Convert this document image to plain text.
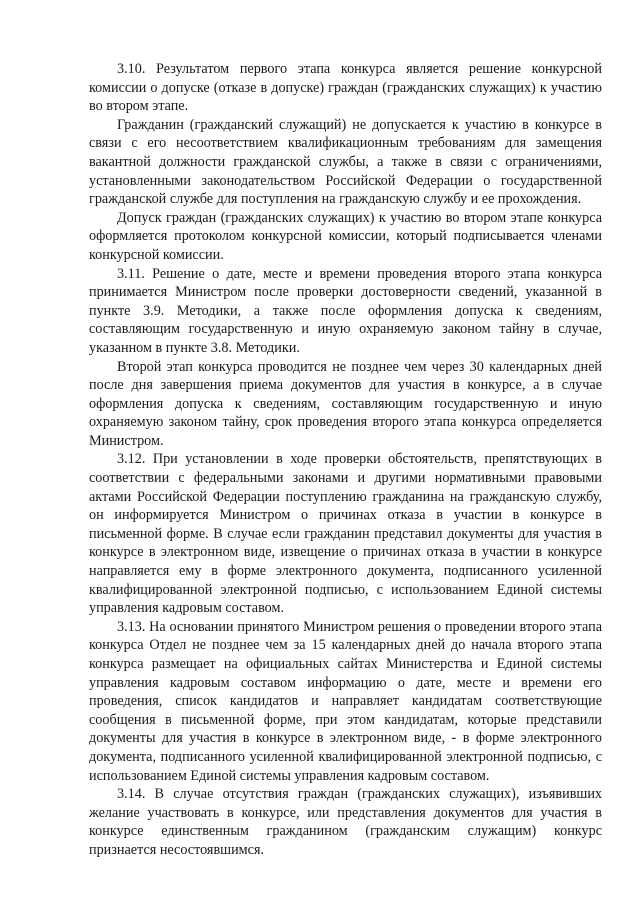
3.10. Результатом первого этапа конкурса является решение конкурсной комиссии о допуске (отказе в допуске) граждан (гражданских служащих) к участию во втором этапе.

Гражданин (гражданский служащий) не допускается к участию в конкурсе в связи с его несоответствием квалификационным требованиям для замещения вакантной должности гражданской службы, а также в связи с ограничениями, установленными законодательством Российской Федерации о государственной гражданской службе для поступления на гражданскую службу и ее прохождения.

Допуск граждан (гражданских служащих) к участию во втором этапе конкурса оформляется протоколом конкурсной комиссии, который подписывается членами конкурсной комиссии.

3.11. Решение о дате, месте и времени проведения второго этапа конкурса принимается Министром после проверки достоверности сведений, указанной в пункте 3.9. Методики, а также после оформления допуска к сведениям, составляющим государственную и иную охраняемую законом тайну в случае, указанном в пункте 3.8. Методики.

Второй этап конкурса проводится не позднее чем через 30 календарных дней после дня завершения приема документов для участия в конкурсе, а в случае оформления допуска к сведениям, составляющим государственную и иную охраняемую законом тайну, срок проведения второго этапа конкурса определяется Министром.

3.12. При установлении в ходе проверки обстоятельств, препятствующих в соответствии с федеральными законами и другими нормативными правовыми актами Российской Федерации поступлению гражданина на гражданскую службу, он информируется Министром о причинах отказа в участии в конкурсе в письменной форме. В случае если гражданин представил документы для участия в конкурсе в электронном виде, извещение о причинах отказа в участии в конкурсе направляется ему в форме электронного документа, подписанного усиленной квалифицированной электронной подписью, с использованием Единой системы управления кадровым составом.

3.13. На основании принятого Министром решения о проведении второго этапа конкурса Отдел не позднее чем за 15 календарных дней до начала второго этапа конкурса размещает на официальных сайтах Министерства и Единой системы управления кадровым составом информацию о дате, месте и времени его проведения, список кандидатов и направляет кандидатам соответствующие сообщения в письменной форме, при этом кандидатам, которые представили документы для участия в конкурсе в электронном виде, - в форме электронного документа, подписанного усиленной квалифицированной электронной подписью, с использованием Единой системы управления кадровым составом.

3.14. В случае отсутствия граждан (гражданских служащих), изъявивших желание участвовать в конкурсе, или представления документов для участия в конкурсе единственным гражданином (гражданским служащим) конкурс признается несостоявшимся.
